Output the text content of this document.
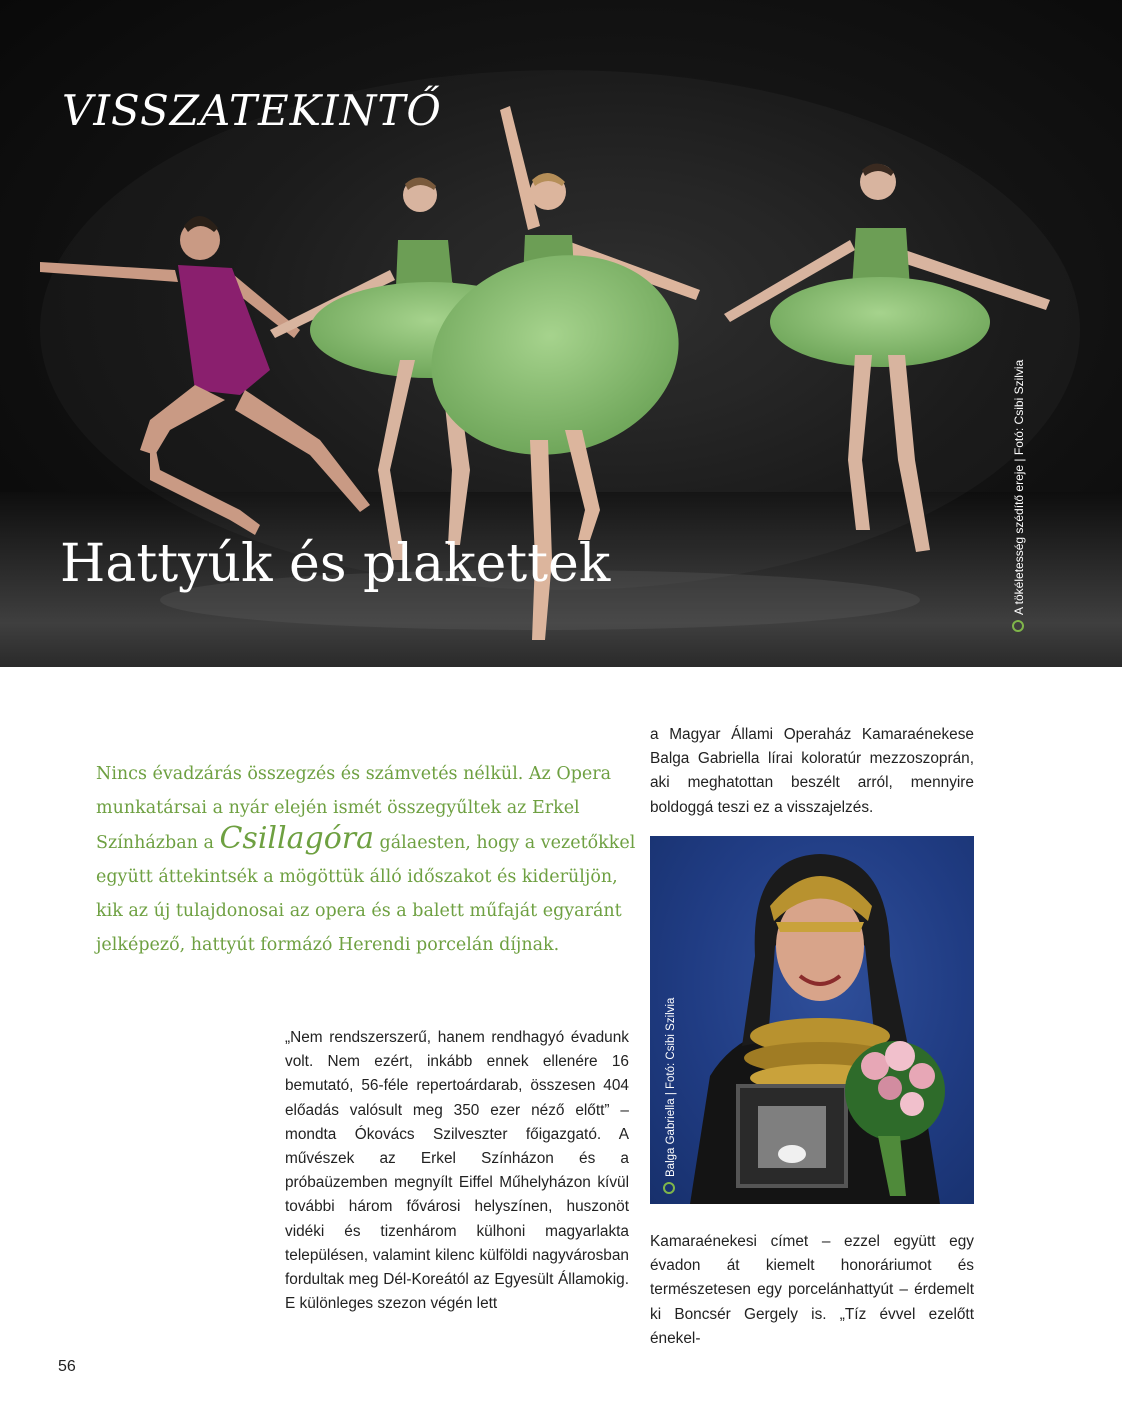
VISSZATEKINTŐ
Hattyúk és plakettek	A tökéletesség szédítő ereje | Fotó: Csibi Szilvia

Nincs évadzárás összegzés és számvetés nélkül. Az Opera munkatársai a nyár elején ismét összegyűltek az Erkel Színházban a Csillagóra gálaesten, hogy a vezetőkkel együtt áttekintsék a mögöttük álló időszakot és kiderüljön, kik az új tulajdonosai az opera és a balett műfaját egyaránt jelképező, hattyút formázó Herendi porcelán díjnak.

„Nem rendszerszerű, hanem rendhagyó évadunk volt. Nem ezért, inkább ennek ellenére 16 bemutató, 56-féle repertoárdarab, összesen 404 előadás valósult meg 350 ezer néző előtt” – mondta Ókovács Szilveszter főigazgató. A művészek az Erkel Színházon és a próbaüzemben megnyílt Eiffel Műhelyházon kívül további három fővárosi helyszínen, huszonöt vidéki és tizenhárom külhoni magyarlakta településen, valamint kilenc külföldi nagyvárosban fordultak meg Dél-Koreától az Egyesült Államokig. E különleges szezon végén lett

a Magyar Állami Operaház Kamaraénekese Balga Gabriella lírai koloratúr mezzoszoprán, aki meghatottan beszélt arról, mennyire boldoggá teszi ez a visszajelzés.

Balga Gabriella | Fotó: Csibi Szilvia

Kamaraénekesi címet – ezzel együtt egy évadon át kiemelt honoráriumot és természetesen egy porcelánhattyút – érdemelt ki Boncsér Gergely is. „Tíz évvel ezelőtt énekel-

56
